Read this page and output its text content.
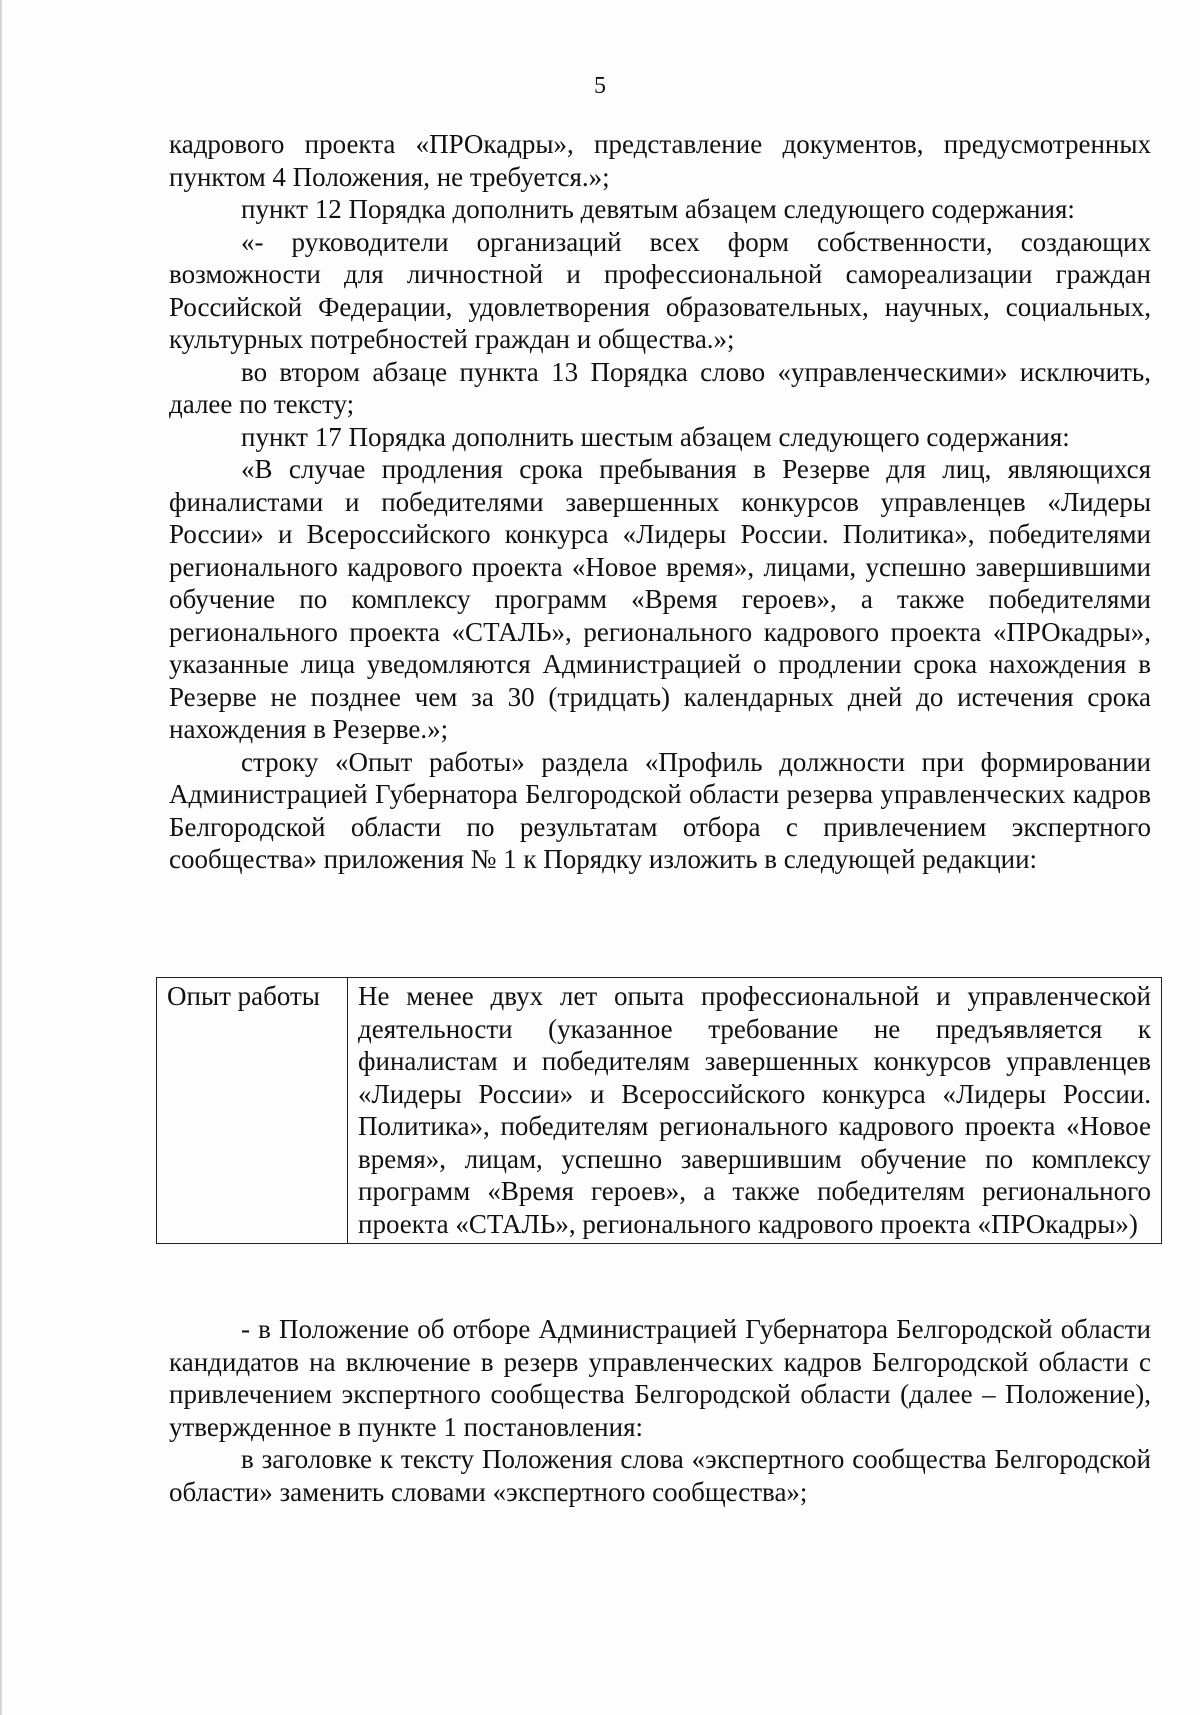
5

кадрового проекта «ПРОкадры», представление документов, предусмотренных пунктом 4 Положения, не требуется.»;

пункт 12 Порядка дополнить девятым абзацем следующего содержания:

«- руководители организаций всех форм собственности, создающих возможности для личностной и профессиональной самореализации граждан Российской Федерации, удовлетворения образовательных, научных, социальных, культурных потребностей граждан и общества.»;

во втором абзаце пункта 13 Порядка слово «управленческими» исключить, далее по тексту;

пункт 17 Порядка дополнить шестым абзацем следующего содержания:

«В случае продления срока пребывания в Резерве для лиц, являющихся финалистами и победителями завершенных конкурсов управленцев «Лидеры России» и Всероссийского конкурса «Лидеры России. Политика», победителями регионального кадрового проекта «Новое время», лицами, успешно завершившими обучение по комплексу программ «Время героев», а также победителями регионального проекта «СТАЛЬ», регионального кадрового проекта «ПРОкадры», указанные лица уведомляются Администрацией о продлении срока нахождения в Резерве не позднее чем за 30 (тридцать) календарных дней до истечения срока нахождения в Резерве.»;

строку «Опыт работы» раздела «Профиль должности при формировании Администрацией Губернатора Белгородской области резерва управленческих кадров Белгородской области по результатам отбора с привлечением экспертного сообщества» приложения № 1 к Порядку изложить в следующей редакции:

Опыт работы	Не менее двух лет опыта профессиональной и управленческой деятельности (указанное требование не предъявляется к финалистам и победителям завершенных конкурсов управленцев «Лидеры России» и Всероссийского конкурса «Лидеры России. Политика», победителям регионального кадрового проекта «Новое время», лицам, успешно завершившим обучение по комплексу программ «Время героев», а также победителям регионального проекта «СТАЛЬ», регионального кадрового проекта «ПРОкадры»)

- в Положение об отборе Администрацией Губернатора Белгородской области кандидатов на включение в резерв управленческих кадров Белгородской области с привлечением экспертного сообщества Белгородской области (далее – Положение), утвержденное в пункте 1 постановления:

в заголовке к тексту Положения слова «экспертного сообщества Белгородской области» заменить словами «экспертного сообщества»;
